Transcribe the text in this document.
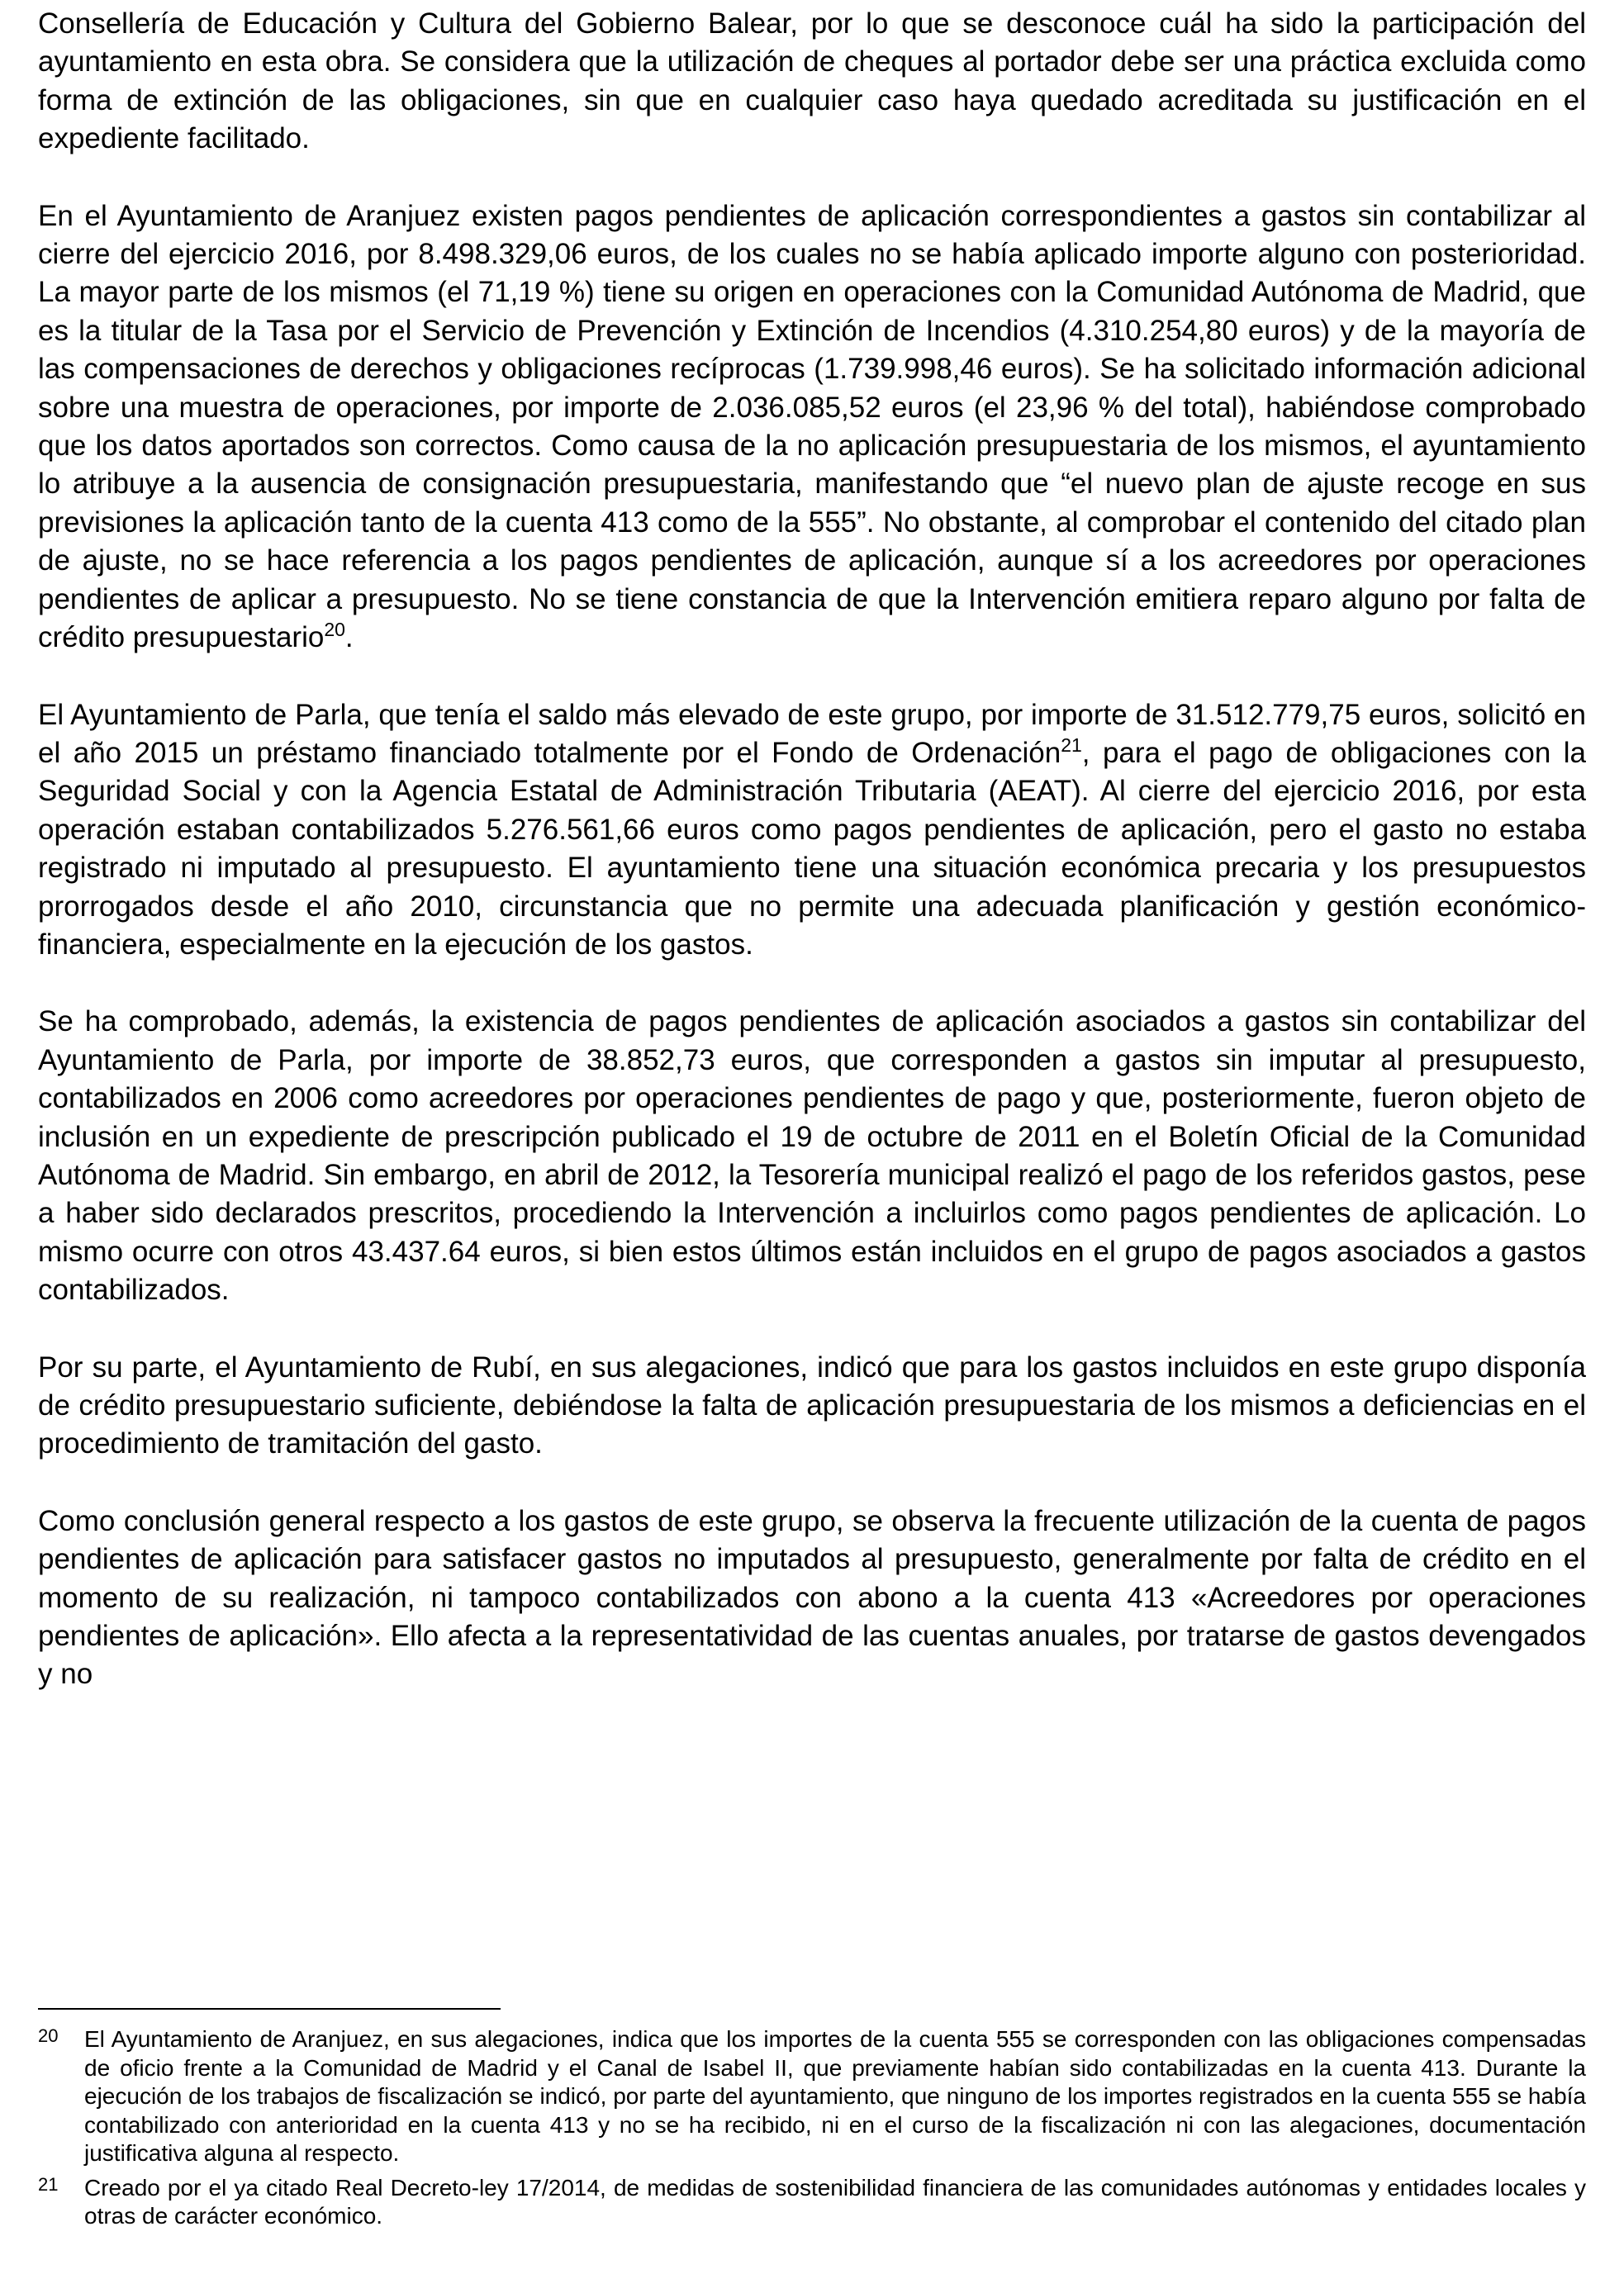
Consellería de Educación y Cultura del Gobierno Balear, por lo que se desconoce cuál ha sido la participación del ayuntamiento en esta obra. Se considera que la utilización de cheques al portador debe ser una práctica excluida como forma de extinción de las obligaciones, sin que en cualquier caso haya quedado acreditada su justificación en el expediente facilitado.

En el Ayuntamiento de Aranjuez existen pagos pendientes de aplicación correspondientes a gastos sin contabilizar al cierre del ejercicio 2016, por 8.498.329,06 euros, de los cuales no se había aplicado importe alguno con posterioridad. La mayor parte de los mismos (el 71,19 %) tiene su origen en operaciones con la Comunidad Autónoma de Madrid, que es la titular de la Tasa por el Servicio de Prevención y Extinción de Incendios (4.310.254,80 euros) y de la mayoría de las compensaciones de derechos y obligaciones recíprocas (1.739.998,46 euros). Se ha solicitado información adicional sobre una muestra de operaciones, por importe de 2.036.085,52 euros (el 23,96 % del total), habiéndose comprobado que los datos aportados son correctos. Como causa de la no aplicación presupuestaria de los mismos, el ayuntamiento lo atribuye a la ausencia de consignación presupuestaria, manifestando que “el nuevo plan de ajuste recoge en sus previsiones la aplicación tanto de la cuenta 413 como de la 555”. No obstante, al comprobar el contenido del citado plan de ajuste, no se hace referencia a los pagos pendientes de aplicación, aunque sí a los acreedores por operaciones pendientes de aplicar a presupuesto. No se tiene constancia de que la Intervención emitiera reparo alguno por falta de crédito presupuestario$^{20}$.

El Ayuntamiento de Parla, que tenía el saldo más elevado de este grupo, por importe de 31.512.779,75 euros, solicitó en el año 2015 un préstamo financiado totalmente por el Fondo de Ordenación$^{21}$, para el pago de obligaciones con la Seguridad Social y con la Agencia Estatal de Administración Tributaria (AEAT). Al cierre del ejercicio 2016, por esta operación estaban contabilizados 5.276.561,66 euros como pagos pendientes de aplicación, pero el gasto no estaba registrado ni imputado al presupuesto. El ayuntamiento tiene una situación económica precaria y los presupuestos prorrogados desde el año 2010, circunstancia que no permite una adecuada planificación y gestión económico-financiera, especialmente en la ejecución de los gastos.

Se ha comprobado, además, la existencia de pagos pendientes de aplicación asociados a gastos sin contabilizar del Ayuntamiento de Parla, por importe de 38.852,73 euros, que corresponden a gastos sin imputar al presupuesto, contabilizados en 2006 como acreedores por operaciones pendientes de pago y que, posteriormente, fueron objeto de inclusión en un expediente de prescripción publicado el 19 de octubre de 2011 en el Boletín Oficial de la Comunidad Autónoma de Madrid. Sin embargo, en abril de 2012, la Tesorería municipal realizó el pago de los referidos gastos, pese a haber sido declarados prescritos, procediendo la Intervención a incluirlos como pagos pendientes de aplicación. Lo mismo ocurre con otros 43.437.64 euros, si bien estos últimos están incluidos en el grupo de pagos asociados a gastos contabilizados.

Por su parte, el Ayuntamiento de Rubí, en sus alegaciones, indicó que para los gastos incluidos en este grupo disponía de crédito presupuestario suficiente, debiéndose la falta de aplicación presupuestaria de los mismos a deficiencias en el procedimiento de tramitación del gasto.

Como conclusión general respecto a los gastos de este grupo, se observa la frecuente utilización de la cuenta de pagos pendientes de aplicación para satisfacer gastos no imputados al presupuesto, generalmente por falta de crédito en el momento de su realización, ni tampoco contabilizados con abono a la cuenta 413 «Acreedores por operaciones pendientes de aplicación». Ello afecta a la representatividad de las cuentas anuales, por tratarse de gastos devengados y no

20 El Ayuntamiento de Aranjuez, en sus alegaciones, indica que los importes de la cuenta 555 se corresponden con las obligaciones compensadas de oficio frente a la Comunidad de Madrid y el Canal de Isabel II, que previamente habían sido contabilizadas en la cuenta 413. Durante la ejecución de los trabajos de fiscalización se indicó, por parte del ayuntamiento, que ninguno de los importes registrados en la cuenta 555 se había contabilizado con anterioridad en la cuenta 413 y no se ha recibido, ni en el curso de la fiscalización ni con las alegaciones, documentación justificativa alguna al respecto.

21 Creado por el ya citado Real Decreto-ley 17/2014, de medidas de sostenibilidad financiera de las comunidades autónomas y entidades locales y otras de carácter económico.
